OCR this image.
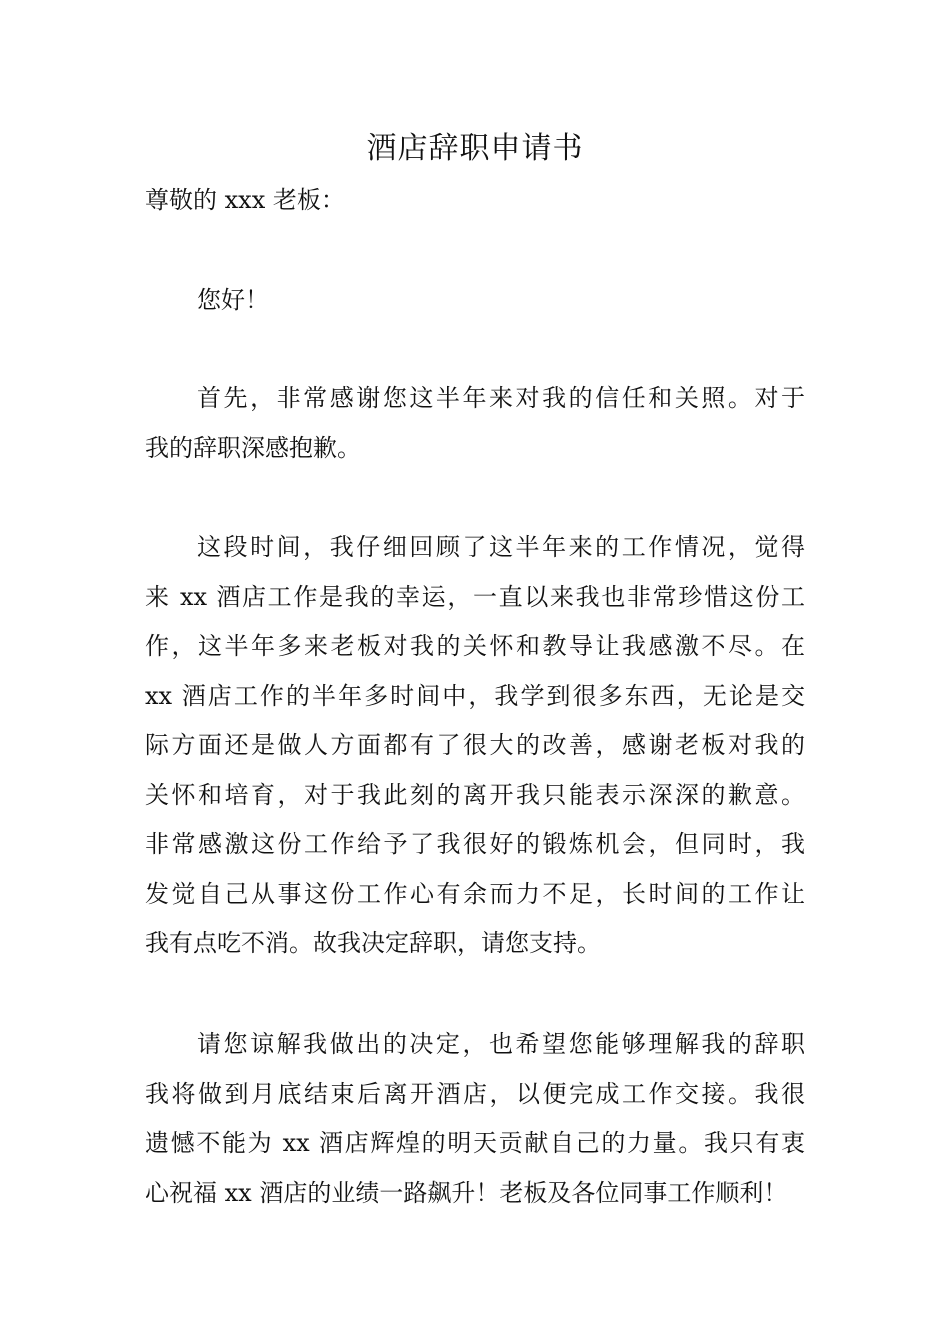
酒店辞职申请书

尊敬的 xxx 老板：

您好！

首先，非常感谢您这半年来对我的信任和关照。对于
我的辞职深感抱歉。
这段时间，我仔细回顾了这半年来的工作情况，觉得
来 xx 酒店工作是我的幸运，一直以来我也非常珍惜这份工
作，这半年多来老板对我的关怀和教导让我感激不尽。在
xx 酒店工作的半年多时间中，我学到很多东西，无论是交
际方面还是做人方面都有了很大的改善，感谢老板对我的
关怀和培育，对于我此刻的离开我只能表示深深的歉意。
非常感激这份工作给予了我很好的锻炼机会，但同时，我
发觉自己从事这份工作心有余而力不足，长时间的工作让
我有点吃不消。故我决定辞职，请您支持。
请您谅解我做出的决定，也希望您能够理解我的辞职
我将做到月底结束后离开酒店，以便完成工作交接。我很
遗憾不能为 xx 酒店辉煌的明天贡献自己的力量。我只有衷
心祝福 xx 酒店的业绩一路飙升！老板及各位同事工作顺利！
